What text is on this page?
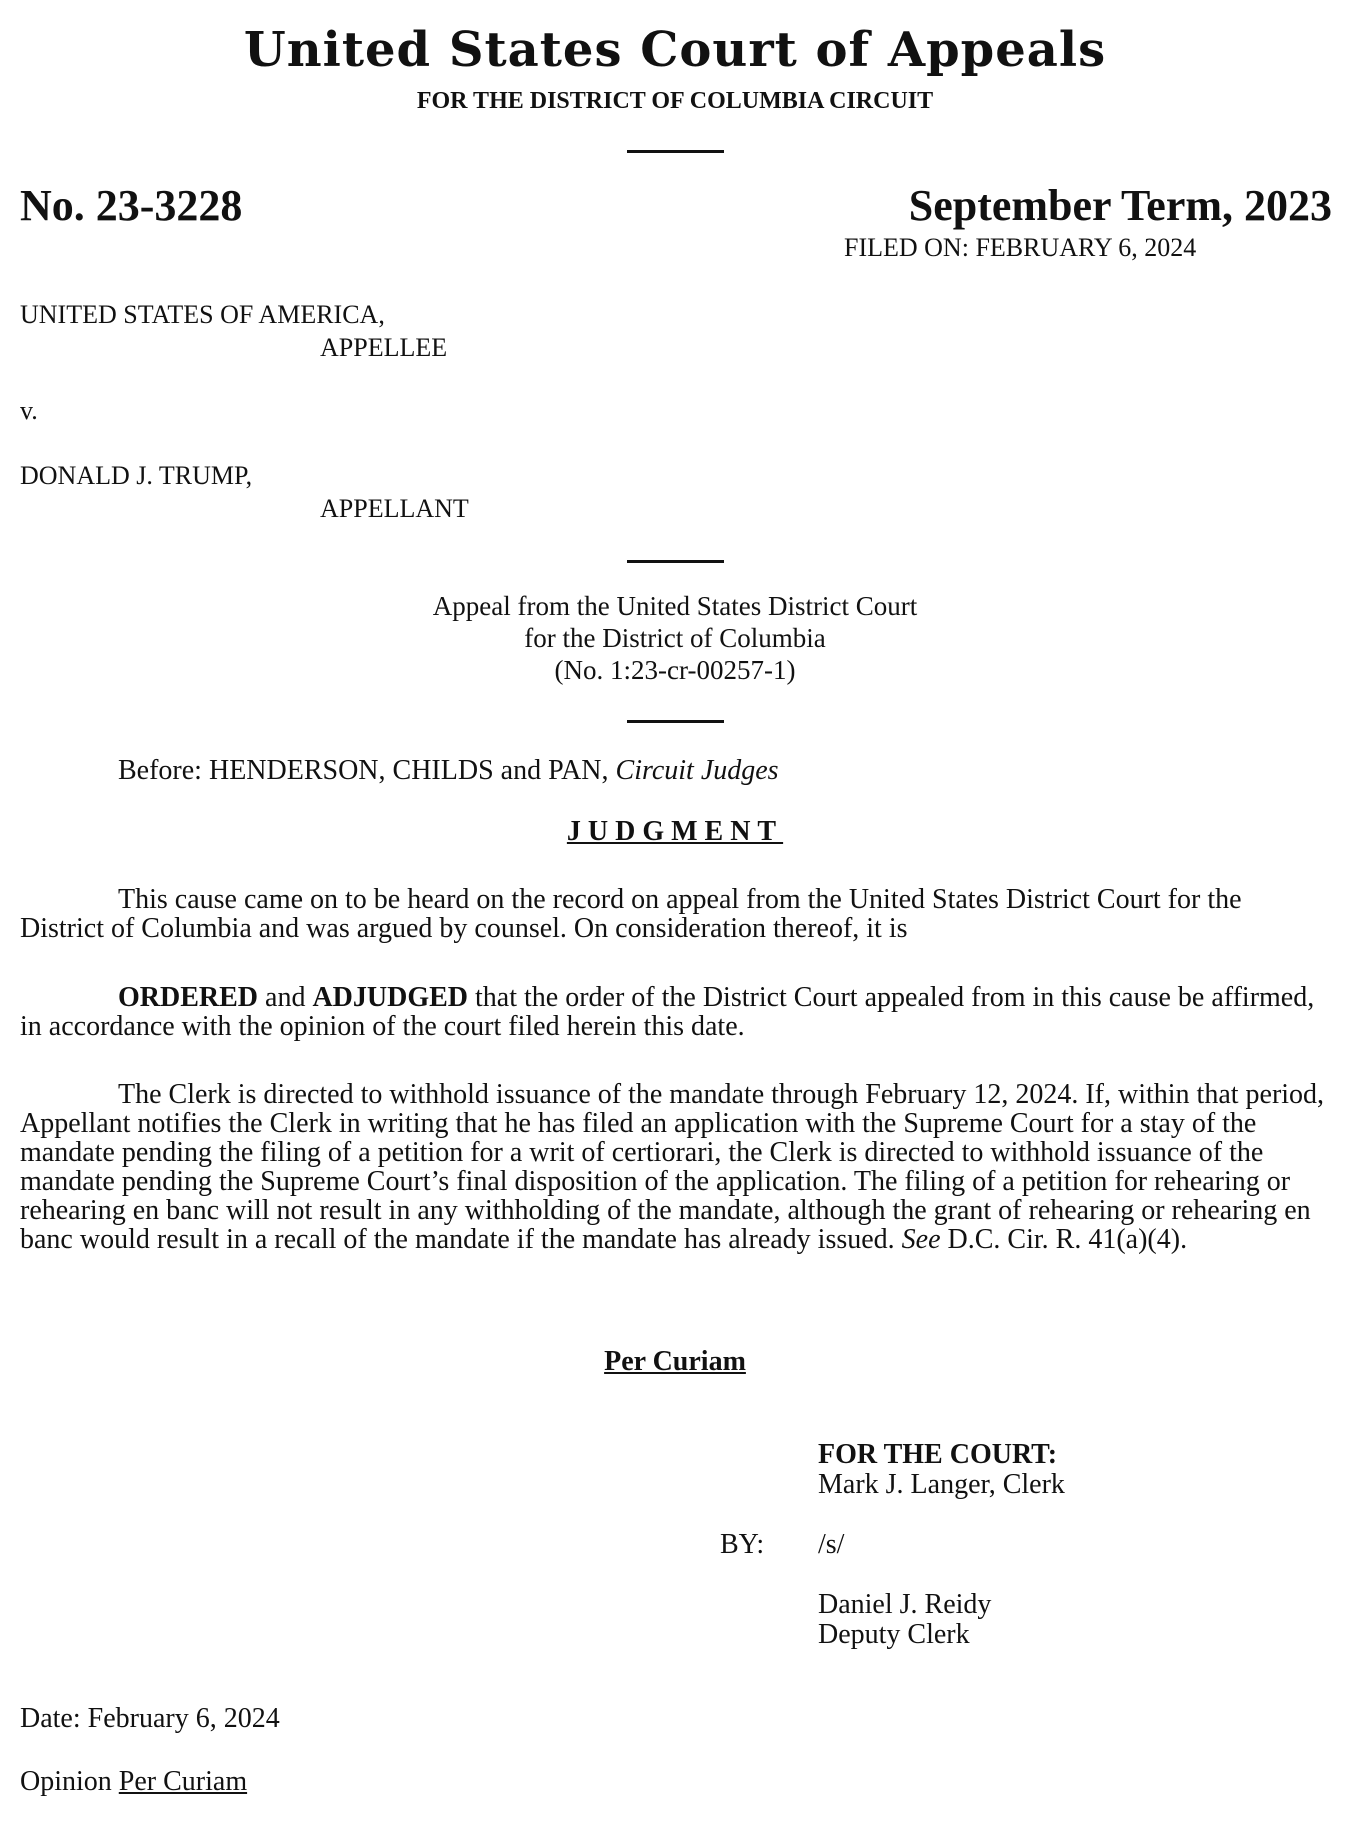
United States Court of Appeals
FOR THE DISTRICT OF COLUMBIA CIRCUIT
No. 23-3228	September Term, 2023
FILED ON: FEBRUARY 6, 2024
UNITED STATES OF AMERICA,
APPELLEE
v.
DONALD J. TRUMP,
APPELLANT
Appeal from the United States District Court
for the District of Columbia
(No. 1:23-cr-00257-1)
Before: HENDERSON, CHILDS and PAN, Circuit Judges
JUDGMENT
This cause came on to be heard on the record on appeal from the United States District Court for the District of Columbia and was argued by counsel. On consideration thereof, it is
ORDERED and ADJUDGED that the order of the District Court appealed from in this cause be affirmed, in accordance with the opinion of the court filed herein this date.
The Clerk is directed to withhold issuance of the mandate through February 12, 2024. If, within that period, Appellant notifies the Clerk in writing that he has filed an application with the Supreme Court for a stay of the mandate pending the filing of a petition for a writ of certiorari, the Clerk is directed to withhold issuance of the mandate pending the Supreme Court’s final disposition of the application. The filing of a petition for rehearing or rehearing en banc will not result in any withholding of the mandate, although the grant of rehearing or rehearing en banc would result in a recall of the mandate if the mandate has already issued. See D.C. Cir. R. 41(a)(4).
Per Curiam
FOR THE COURT:
Mark J. Langer, Clerk
BY: /s/
Daniel J. Reidy
Deputy Clerk
Date: February 6, 2024
Opinion Per Curiam
